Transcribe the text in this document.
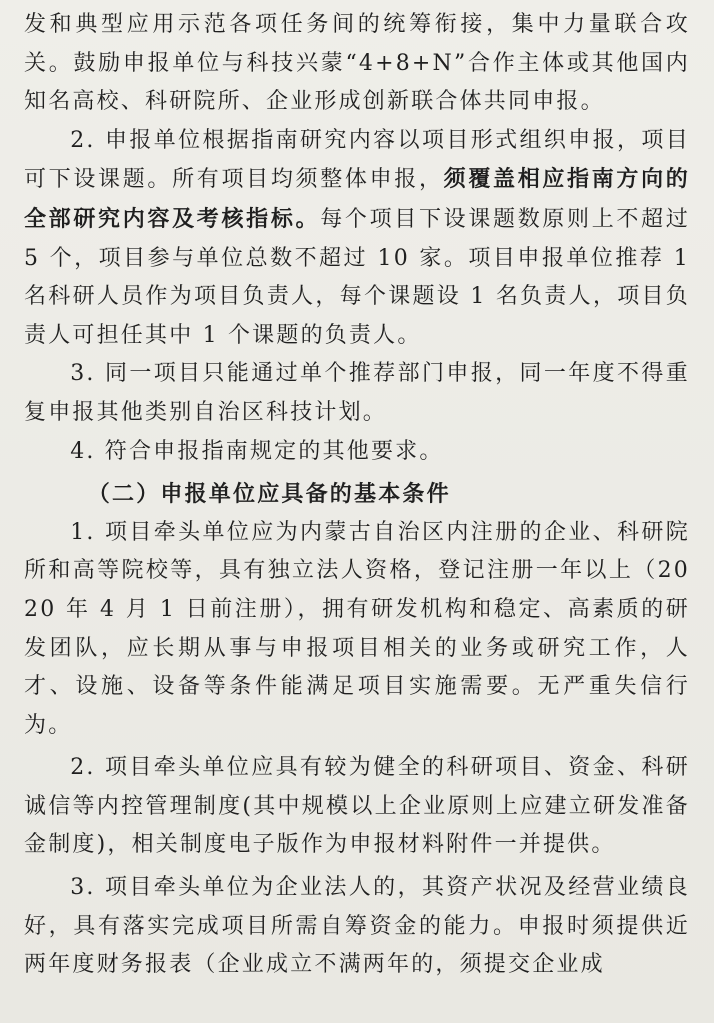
发和典型应用示范各项任务间的统筹衔接，集中力量联合攻关。鼓励申报单位与科技兴蒙“4+8+N”合作主体或其他国内知名高校、科研院所、企业形成创新联合体共同申报。

2. 申报单位根据指南研究内容以项目形式组织申报，项目可下设课题。所有项目均须整体申报，须覆盖相应指南方向的全部研究内容及考核指标。每个项目下设课题数原则上不超过 5 个，项目参与单位总数不超过 10 家。项目申报单位推荐 1 名科研人员作为项目负责人，每个课题设 1 名负责人，项目负责人可担任其中 1 个课题的负责人。

3. 同一项目只能通过单个推荐部门申报，同一年度不得重复申报其他类别自治区科技计划。

4. 符合申报指南规定的其他要求。

（二）申报单位应具备的基本条件

1. 项目牵头单位应为内蒙古自治区内注册的企业、科研院所和高等院校等，具有独立法人资格，登记注册一年以上（2020 年 4 月 1 日前注册），拥有研发机构和稳定、高素质的研发团队，应长期从事与申报项目相关的业务或研究工作，人才、设施、设备等条件能满足项目实施需要。无严重失信行为。

2. 项目牵头单位应具有较为健全的科研项目、资金、科研诚信等内控管理制度(其中规模以上企业原则上应建立研发准备金制度)，相关制度电子版作为申报材料附件一并提供。

3. 项目牵头单位为企业法人的，其资产状况及经营业绩良好，具有落实完成项目所需自筹资金的能力。申报时须提供近两年度财务报表（企业成立不满两年的，须提交企业成
